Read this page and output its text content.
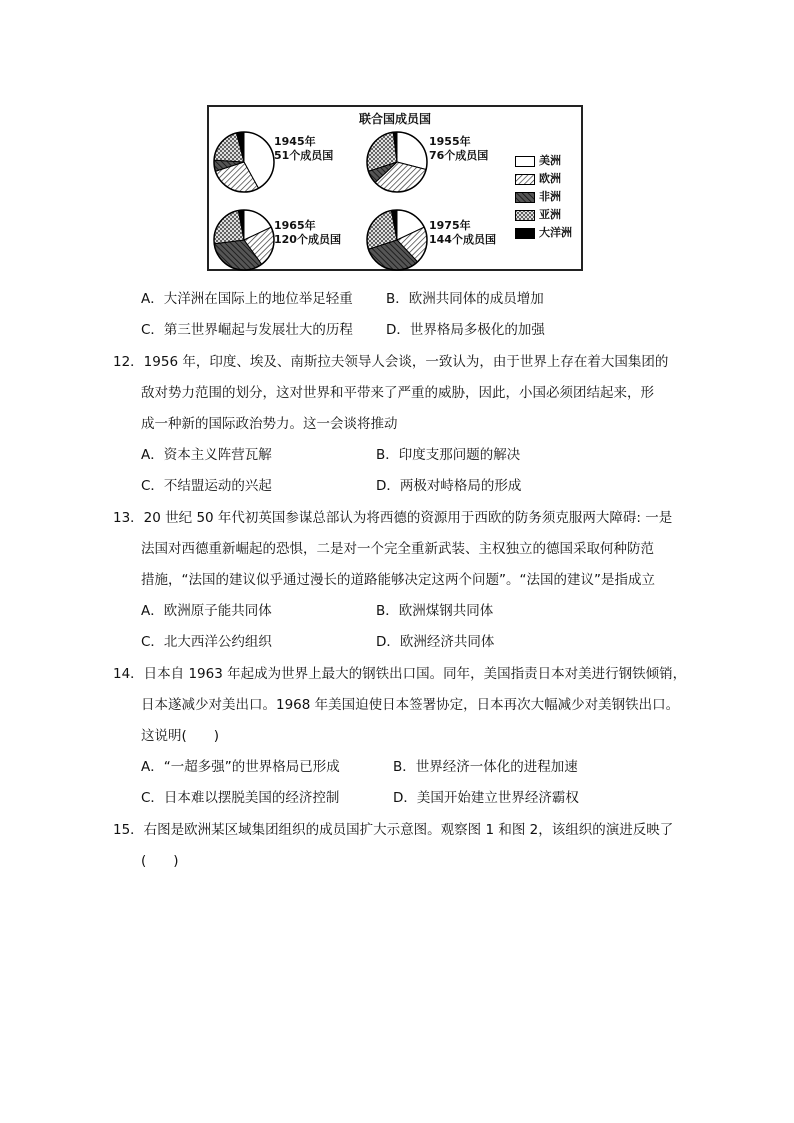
联合国成员国
1945年
51个成员国
1955年
76个成员国
1965年
120个成员国
1975年
144个成员国
美洲
欧洲
非洲
亚洲
大洋洲
A．大洋洲在国际上的地位举足轻重 B．欧洲共同体的成员增加
C．第三世界崛起与发展壮大的历程 D．世界格局多极化的加强
12．1956 年，印度、埃及、南斯拉夫领导人会谈，一致认为，由于世界上存在着大国集团的
敌对势力范围的划分，这对世界和平带来了严重的威胁，因此，小国必须团结起来，形
成一种新的国际政治势力。这一会谈将推动
A．资本主义阵营瓦解	B．印度支那问题的解决
C．不结盟运动的兴起	D．两极对峙格局的形成
13．20 世纪 50 年代初英国参谋总部认为将西德的资源用于西欧的防务须克服两大障碍: 一是
法国对西德重新崛起的恐惧，二是对一个完全重新武装、主权独立的德国采取何种防范
措施，“法国的建议似乎通过漫长的道路能够决定这两个问题”。“法国的建议”是指成立
A．欧洲原子能共同体	B．欧洲煤钢共同体
C．北大西洋公约组织	D．欧洲经济共同体
14．日本自 1963 年起成为世界上最大的钢铁出口国。同年，美国指责日本对美进行钢铁倾销，
日本遂减少对美出口。1968 年美国迫使日本签署协定，日本再次大幅减少对美钢铁出口。
这说明(　　)
A．“一超多强”的世界格局已形成	B．世界经济一体化的进程加速
C．日本难以摆脱美国的经济控制	D．美国开始建立世界经济霸权
15．右图是欧洲某区域集团组织的成员国扩大示意图。观察图 1 和图 2，该组织的演进反映了
(　　)
